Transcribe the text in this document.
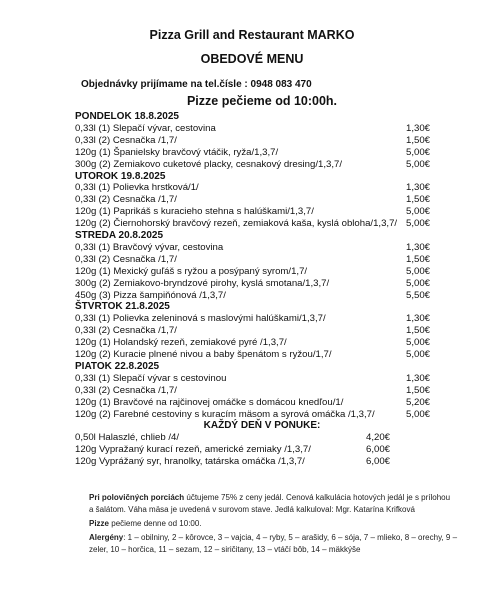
Pizza Grill and Restaurant MARKO
OBEDOVÉ MENU
Objednávky prijímame na tel.čísle : 0948 083 470
Pizze pečieme od 10:00h.
PONDELOK 18.8.2025
0,33l (1) Slepačí vývar, cestovina	1,30€
0,33l (2) Cesnačka /1,7/	1,50€
120g (1) Španielsky bravčový vtáčik, ryža/1,3,7/	5,00€
300g (2) Zemiakovo cuketové placky, cesnakový dresing/1,3,7/	5,00€
UTOROK 19.8.2025
0,33l (1) Polievka hrstková/1/	1,30€
0,33l (2) Cesnačka /1,7/	1,50€
120g (1) Paprikáš s kuracieho stehna s halúškami/1,3,7/	5,00€
120g (2) Čiernohorský bravčový rezeň, zemiaková kaša, kyslá obloha/1,3,7/ 5,00€
STREDA 20.8.2025
0,33l (1) Bravčový vývar, cestovina	1,30€
0,33l (2) Cesnačka /1,7/	1,50€
120g (1) Mexický guľáš s ryžou a posýpaný syrom/1,7/	5,00€
300g (2) Zemiakovo-bryndzové pirohy, kyslá smotana/1,3,7/	5,00€
450g (3) Pizza šampiňónová /1,3,7/	5,50€
ŠTVRTOK 21.8.2025
0,33l (1) Polievka zeleninová s maslovými halúškami/1,3,7/	1,30€
0,33l (2) Cesnačka /1,7/	1,50€
120g (1) Holandský rezeň, zemiakové pyré /1,3,7/	5,00€
120g (2) Kuracie plnené nivou a baby špenátom s ryžou/1,7/	5,00€
PIATOK 22.8.2025
0,33l (1) Slepačí vývar s cestovinou	1,30€
0,33l (2) Cesnačka /1,7/	1,50€
120g (1) Bravčové na rajčinovej omáčke s domácou knedľou/1/	5,20€
120g (2) Farebné cestoviny s kuracím mäsom a syrová omáčka /1,3,7/	5,00€
KAŽDÝ DEŇ V PONUKE:
0,50l Halaszlé, chlieb /4/	4,20€
120g Vypražaný kurací rezeň, americké zemiaky /1,3,7/	6,00€
120g Vyprážaný syr, hranolky, tatárska omáčka /1,3,7/	6,00€
Pri polovičných porciách účtujeme 75% z ceny jedál. Cenová kalkulácia hotových jedál je s prílohou
a šalátom. Váha mäsa je uvedená v surovom stave. Jedlá kalkuloval: Mgr. Katarína Krifková
Pizze pečieme denne od 10:00.
Alergény: 1 – obilniny, 2 – kôrovce, 3 – vajcia, 4 – ryby, 5 – arašidy, 6 – sója, 7 – mlieko, 8 – orechy, 9 –
zeler, 10 – horčica, 11 – sezam, 12 – siričitany, 13 – vtáčí bôb, 14 – mäkkýše
